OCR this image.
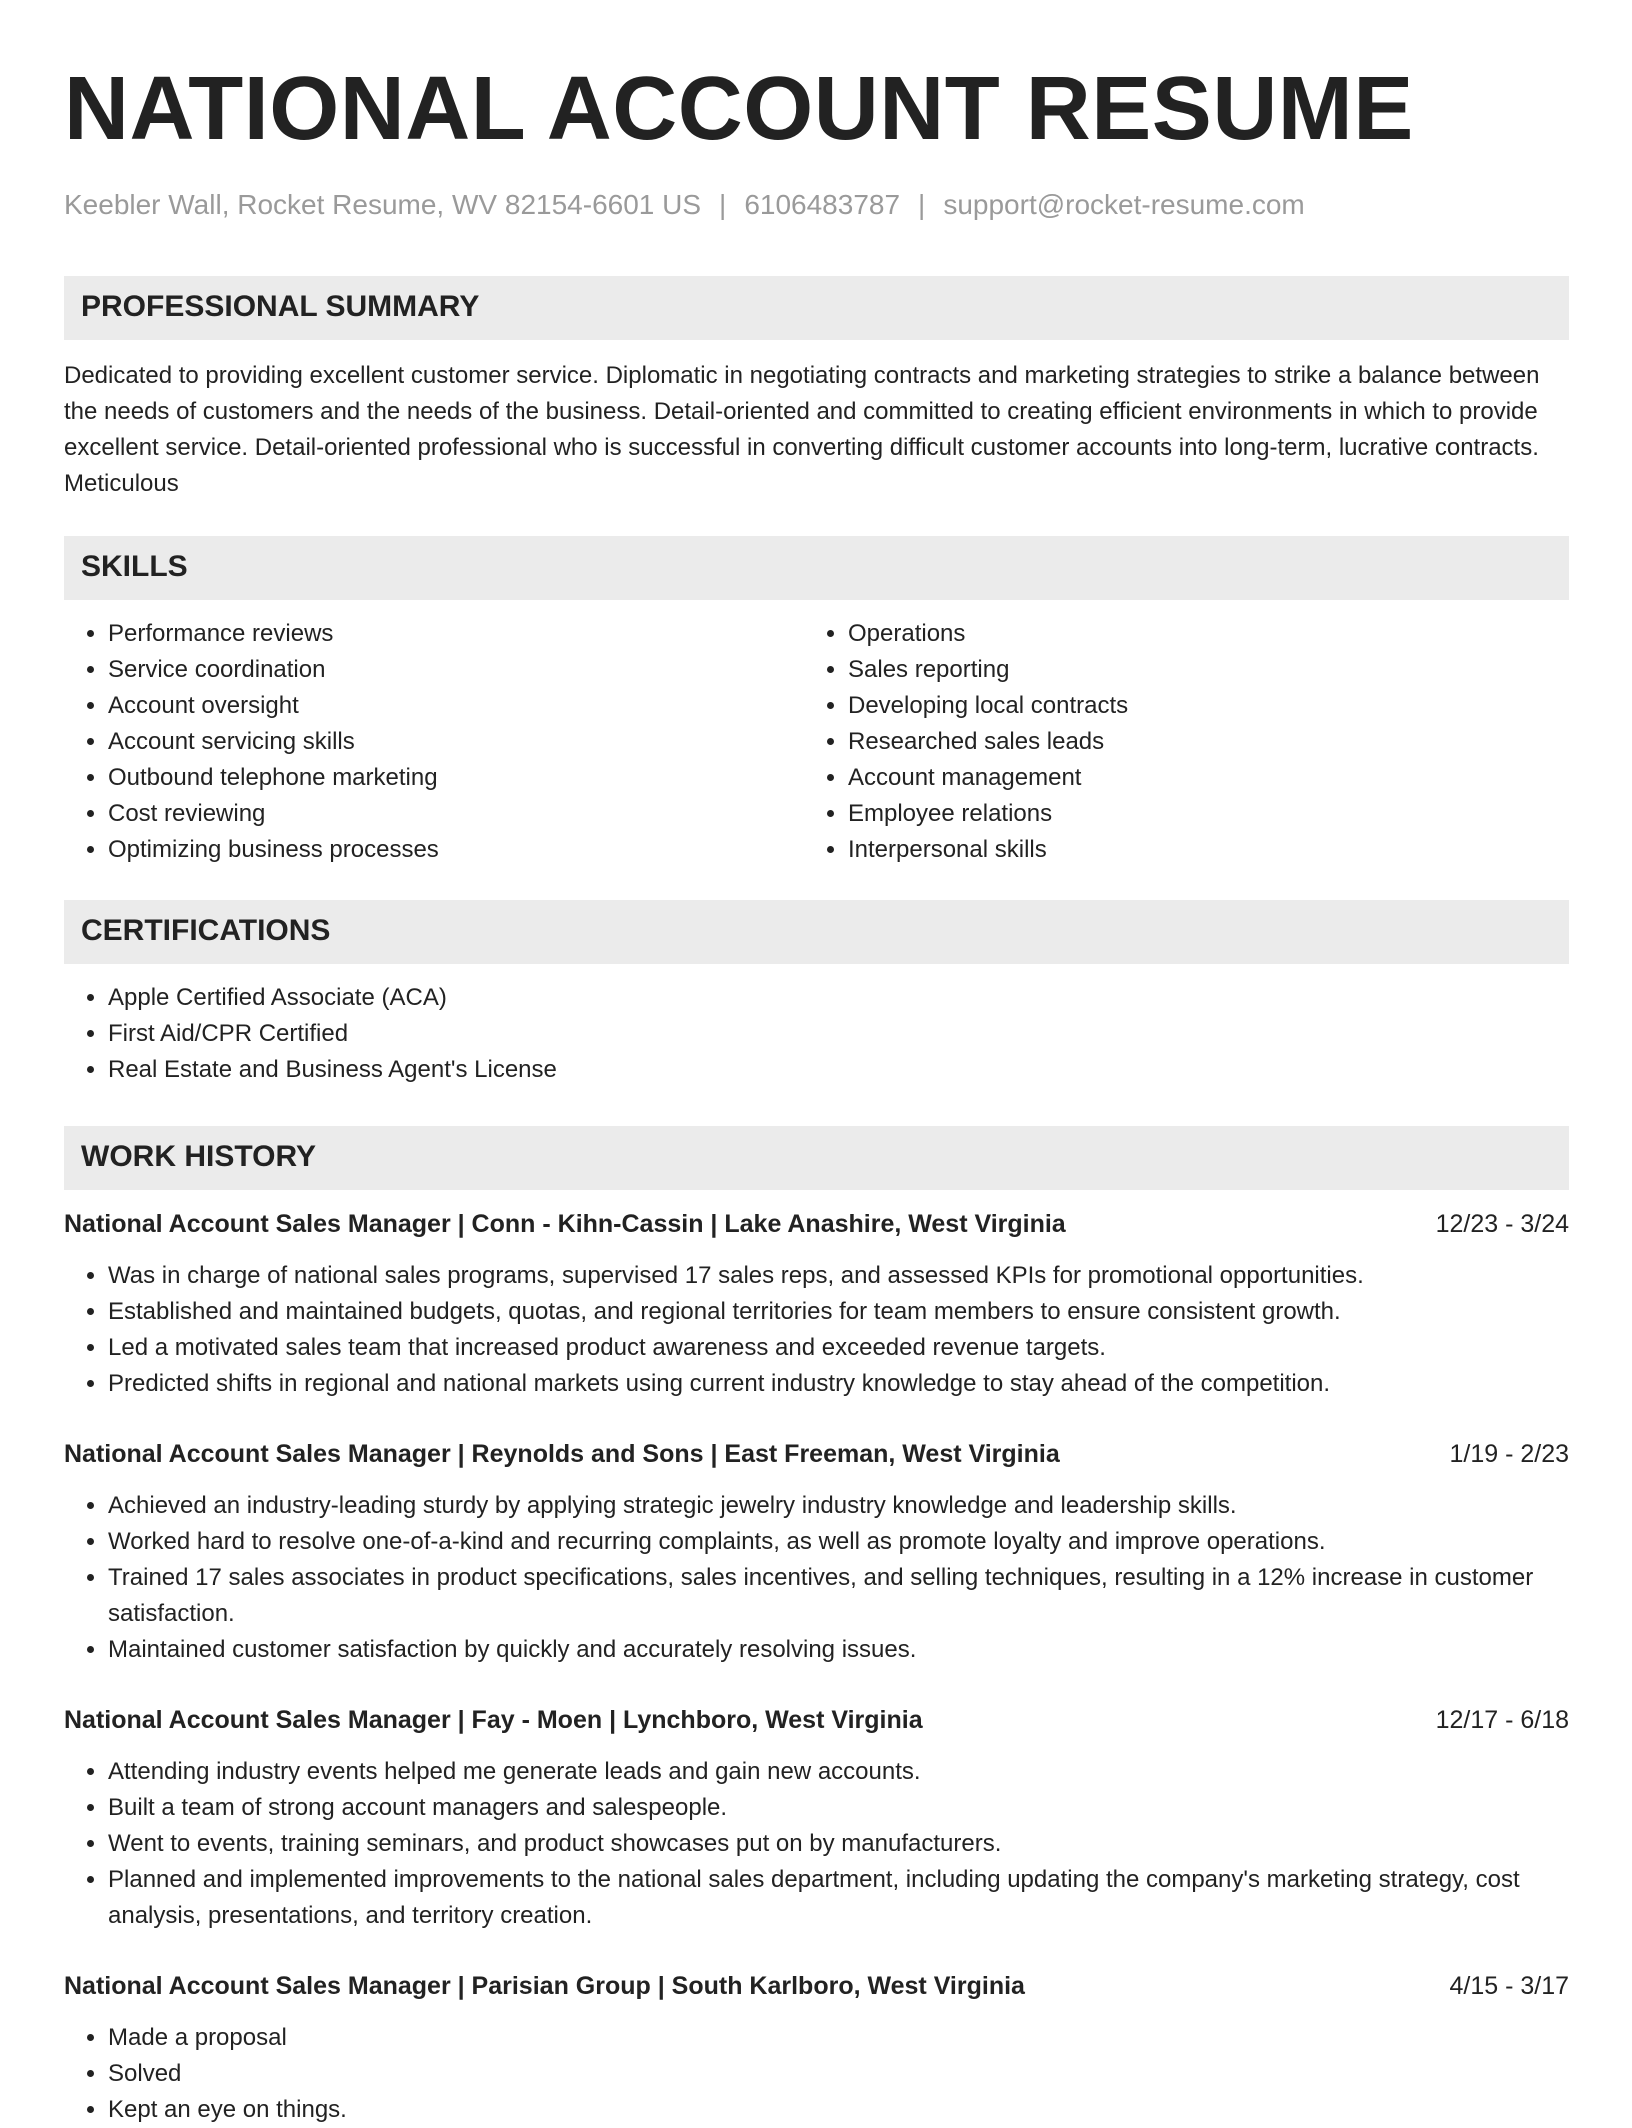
NATIONAL ACCOUNT RESUME
Keebler Wall, Rocket Resume, WV 82154-6601 US | 6106483787 | support@rocket-resume.com
PROFESSIONAL SUMMARY
Dedicated to providing excellent customer service. Diplomatic in negotiating contracts and marketing strategies to strike a balance between the needs of customers and the needs of the business. Detail-oriented and committed to creating efficient environments in which to provide excellent service. Detail-oriented professional who is successful in converting difficult customer accounts into long-term, lucrative contracts. Meticulous
SKILLS
• Performance reviews
• Service coordination
• Account oversight
• Account servicing skills
• Outbound telephone marketing
• Cost reviewing
• Optimizing business processes
• Operations
• Sales reporting
• Developing local contracts
• Researched sales leads
• Account management
• Employee relations
• Interpersonal skills
CERTIFICATIONS
• Apple Certified Associate (ACA)
• First Aid/CPR Certified
• Real Estate and Business Agent's License
WORK HISTORY
National Account Sales Manager | Conn - Kihn-Cassin | Lake Anashire, West Virginia	12/23 - 3/24
• Was in charge of national sales programs, supervised 17 sales reps, and assessed KPIs for promotional opportunities.
• Established and maintained budgets, quotas, and regional territories for team members to ensure consistent growth.
• Led a motivated sales team that increased product awareness and exceeded revenue targets.
• Predicted shifts in regional and national markets using current industry knowledge to stay ahead of the competition.
National Account Sales Manager | Reynolds and Sons | East Freeman, West Virginia	1/19 - 2/23
• Achieved an industry-leading sturdy by applying strategic jewelry industry knowledge and leadership skills.
• Worked hard to resolve one-of-a-kind and recurring complaints, as well as promote loyalty and improve operations.
• Trained 17 sales associates in product specifications, sales incentives, and selling techniques, resulting in a 12% increase in customer satisfaction.
• Maintained customer satisfaction by quickly and accurately resolving issues.
National Account Sales Manager | Fay - Moen | Lynchboro, West Virginia	12/17 - 6/18
• Attending industry events helped me generate leads and gain new accounts.
• Built a team of strong account managers and salespeople.
• Went to events, training seminars, and product showcases put on by manufacturers.
• Planned and implemented improvements to the national sales department, including updating the company's marketing strategy, cost analysis, presentations, and territory creation.
National Account Sales Manager | Parisian Group | South Karlboro, West Virginia	4/15 - 3/17
• Made a proposal
• Solved
• Kept an eye on things.
